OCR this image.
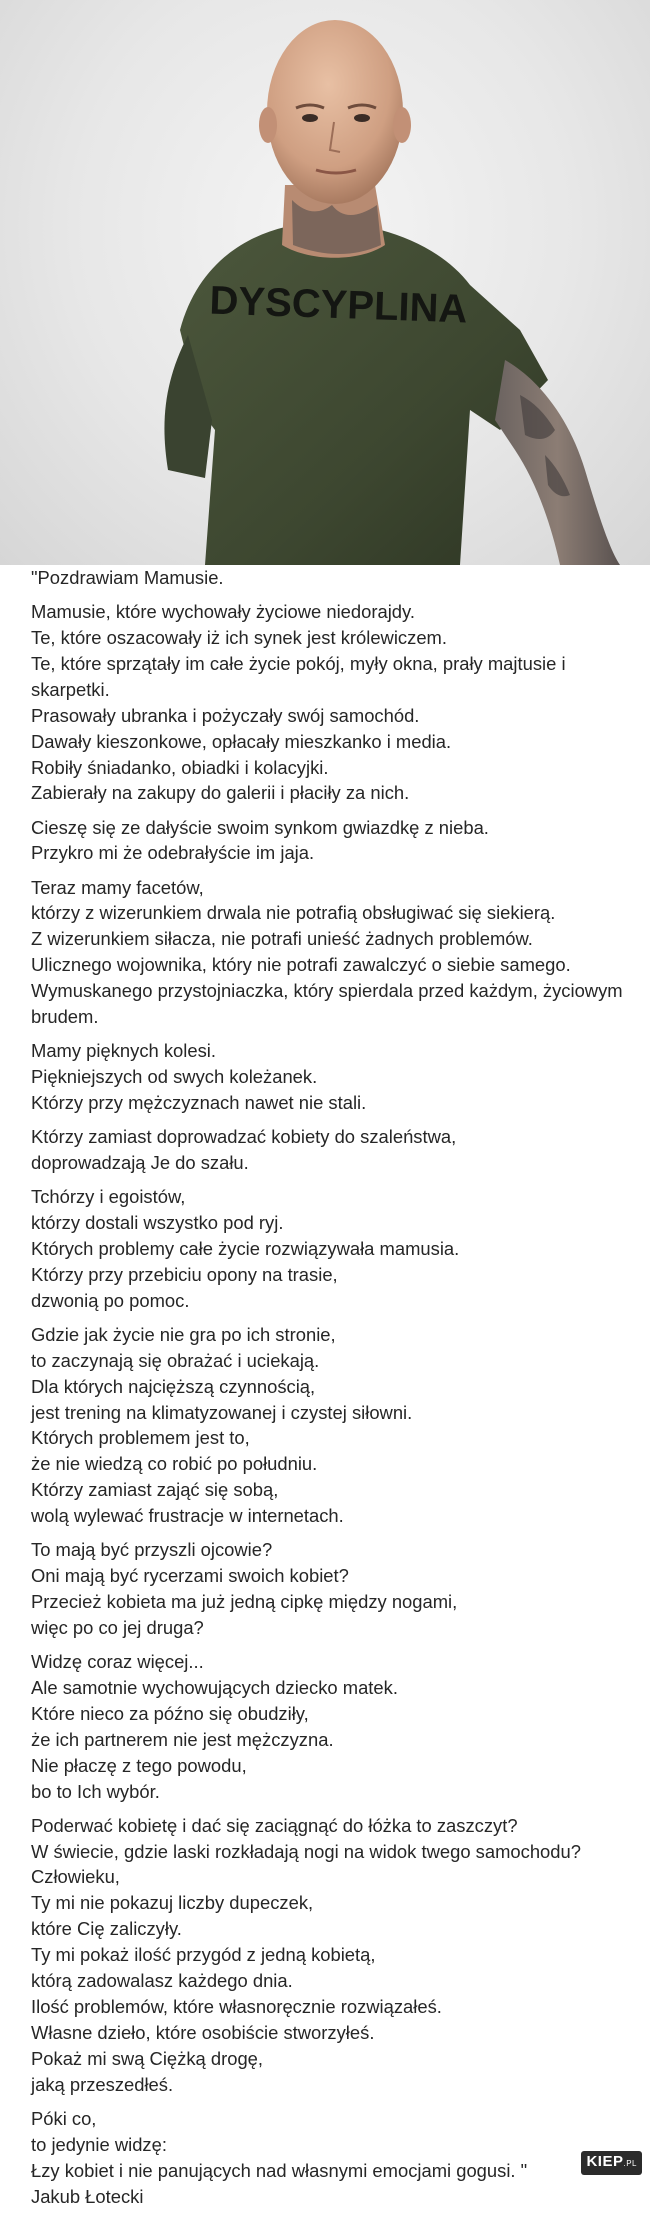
DYSCYPLINA
"Pozdrawiam Mamusie.
Mamusie, które wychowały życiowe niedorajdy.
Te, które oszacowały iż ich synek jest królewiczem.
Te, które sprzątały im całe życie pokój, myły okna, prały majtusie i skarpetki.
Prasowały ubranka i pożyczały swój samochód.
Dawały kieszonkowe, opłacały mieszkanko i media.
Robiły śniadanko, obiadki i kolacyjki.
Zabierały na zakupy do galerii i płaciły za nich.
Cieszę się ze dałyście swoim synkom gwiazdkę z nieba.
Przykro mi że odebrałyście im jaja.
Teraz mamy facetów,
którzy z wizerunkiem drwala nie potrafią obsługiwać się siekierą.
Z wizerunkiem siłacza, nie potrafi unieść żadnych problemów.
Ulicznego wojownika, który nie potrafi zawalczyć o siebie samego.
Wymuskanego przystojniaczka, który spierdala przed każdym, życiowym brudem.
Mamy pięknych kolesi.
Piękniejszych od swych koleżanek.
Którzy przy mężczyznach nawet nie stali.
Którzy zamiast doprowadzać kobiety do szaleństwa,
doprowadzają Je do szału.
Tchórzy i egoistów,
którzy dostali wszystko pod ryj.
Których problemy całe życie rozwiązywała mamusia.
Którzy przy przebiciu opony na trasie,
dzwonią po pomoc.
Gdzie jak życie nie gra po ich stronie,
to zaczynają się obrażać i uciekają.
Dla których najcięższą czynnością,
jest trening na klimatyzowanej i czystej siłowni.
Których problemem jest to,
że nie wiedzą co robić po południu.
Którzy zamiast zająć się sobą,
wolą wylewać frustracje w internetach.
To mają być przyszli ojcowie?
Oni mają być rycerzami swoich kobiet?
Przecież kobieta ma już jedną cipkę między nogami,
więc po co jej druga?
Widzę coraz więcej...
Ale samotnie wychowujących dziecko matek.
Które nieco za późno się obudziły,
że ich partnerem nie jest mężczyzna.
Nie płaczę z tego powodu,
bo to Ich wybór.
Poderwać kobietę i dać się zaciągnąć do łóżka to zaszczyt?
W świecie, gdzie laski rozkładają nogi na widok twego samochodu?
Człowieku,
Ty mi nie pokazuj liczby dupeczek,
które Cię zaliczyły.
Ty mi pokaż ilość przygód z jedną kobietą,
którą zadowalasz każdego dnia.
Ilość problemów, które własnoręcznie rozwiązałeś.
Własne dzieło, które osobiście stworzyłeś.
Pokaż mi swą Ciężką drogę,
jaką przeszedłeś.
Póki co,
to jedynie widzę:
Łzy kobiet i nie panujących nad własnymi emocjami gogusi. "
Jakub Łotecki
KIEP.PL
